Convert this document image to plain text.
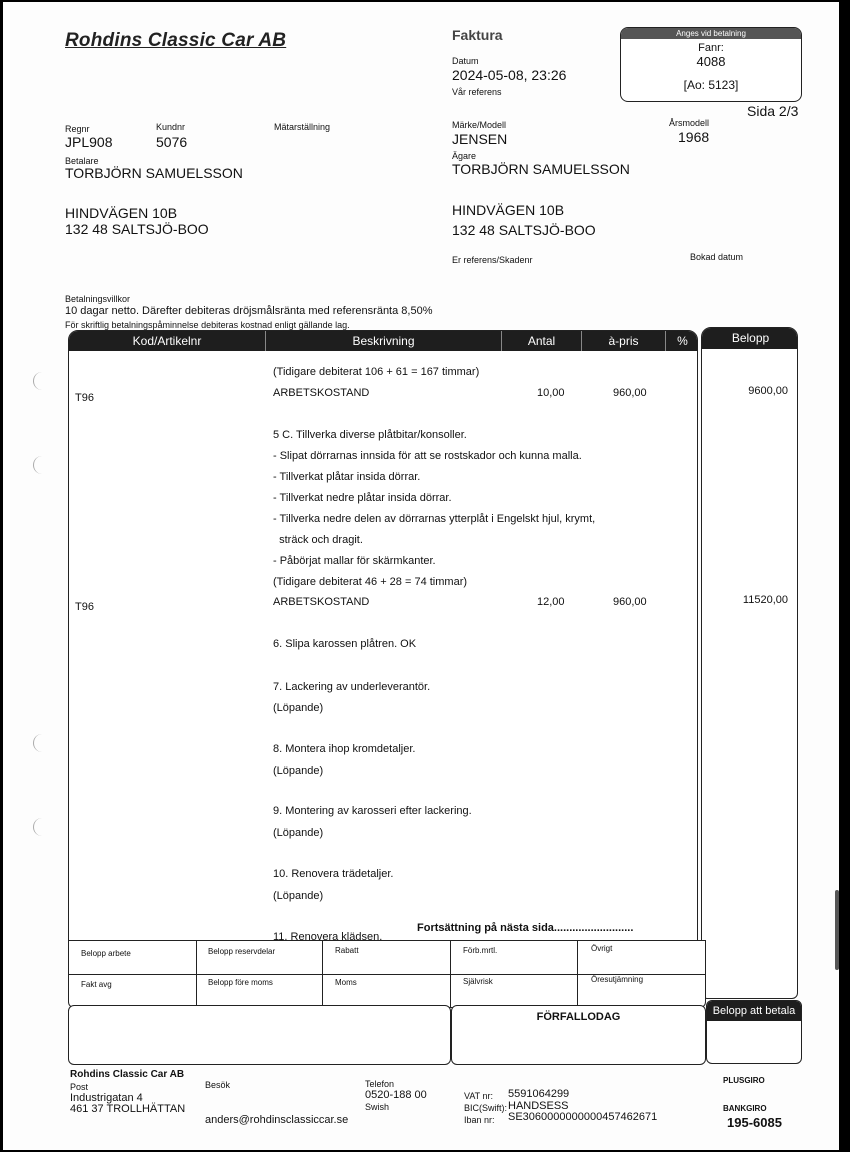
Rohdins Classic Car AB	Faktura
Datum
2024-05-08, 23:26
Vår referens
Anges vid betalning
Fanr:
4088
[Ao: 5123]
Sida 2/3
Regnr
JPL908
Kundnr
5076
Mätarställning	Märke/Modell
JENSEN
Årsmodell
1968
Betalare
TORBJÖRN SAMUELSSON
HINDVÄGEN 10B
132 48 SALTSJÖ-BOO
Ägare
TORBJÖRN SAMUELSSON
HINDVÄGEN 10B
132 48 SALTSJÖ-BOO
Er referens/Skadenr	Bokad datum
Betalningsvillkor
10 dagar netto. Därefter debiteras dröjsmålsränta med referensränta 8,50%
För skriftlig betalningspåminnelse debiteras kostnad enligt gällande lag.
Kod/Artikelnr	Beskrivning	Antal	à-pris	%	Belopp
Fortsättning på nästa sida..........................
Belopp arbete	Belopp reservdelar	Rabatt	Förb.mrtl.	Övrigt
Fakt avg	Belopp före moms	Moms	Självrisk	Öresutjämning
FÖRFALLODAG	Belopp att betala
Rohdins Classic Car AB
Post
Industrigatan 4
461 37 TROLLHÄTTAN
Besök
anders@rohdinsclassiccar.se
Telefon
0520-188 00
Swish
VAT nr: 5591064299
BIC(Swift): HANDSESS
Iban nr: SE3060000000000457462671
PLUSGIRO
BANKGIRO
195-6085
(Tidigare debiterat 106 + 61 = 167 timmar)
T96	ARBETSKOSTAND	10,00	960,00	9600,00
5 C. Tillverka diverse plåtbitar/konsoller.
- Slipat dörrarnas innsida för att se rostskador och kunna malla.
- Tillverkat plåtar insida dörrar.
- Tillverkat nedre plåtar insida dörrar.
- Tillverka nedre delen av dörrarnas ytterplåt i Engelskt hjul, krymt,
sträck och dragit.
- Påbörjat mallar för skärmkanter.
(Tidigare debiterat 46 + 28 = 74 timmar)
T96	ARBETSKOSTAND	12,00	960,00	11520,00
6. Slipa karossen plåtren. OK
7. Lackering av underleverantör.
(Löpande)
8. Montera ihop kromdetaljer.
(Löpande)
9. Montering av karosseri efter lackering.
(Löpande)
10. Renovera trädetaljer.
(Löpande)
11. Renovera klädsen.
